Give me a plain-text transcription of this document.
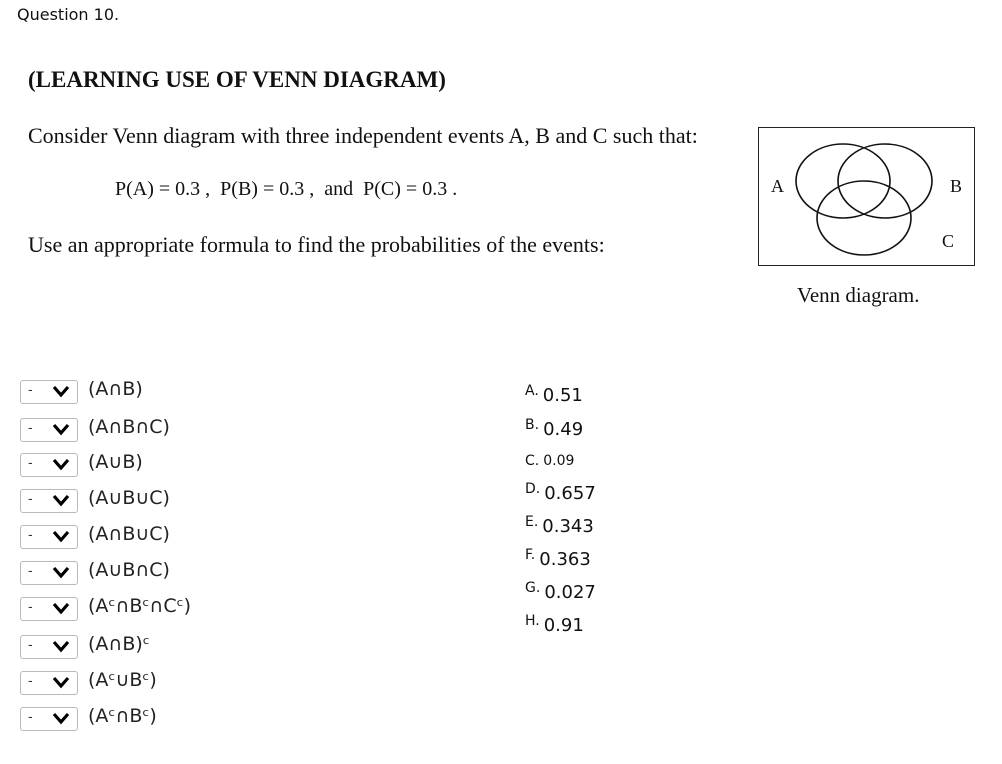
Question 10.
(LEARNING USE OF VENN DIAGRAM)
Consider Venn diagram with three independent events A, B and C such that:
P(A) = 0.3 , P(B) = 0.3 , and P(C) = 0.3 .
Use an appropriate formula to find the probabilities of the events:
A	B
C
Venn diagram.
-	(A∩B)
-	(A∩B∩C)
-	(A∪B)
-	(A∪B∪C)
-	(A∩B∪C)
-	(A∪B∩C)
-	(Aᶜ∩Bᶜ∩Cᶜ)
-	(A∩B)ᶜ
-	(Aᶜ∪Bᶜ)
-	(Aᶜ∩Bᶜ)
A. 0.51
B. 0.49
C. 0.09
D. 0.657
E. 0.343
F. 0.363
G. 0.027
H. 0.91
